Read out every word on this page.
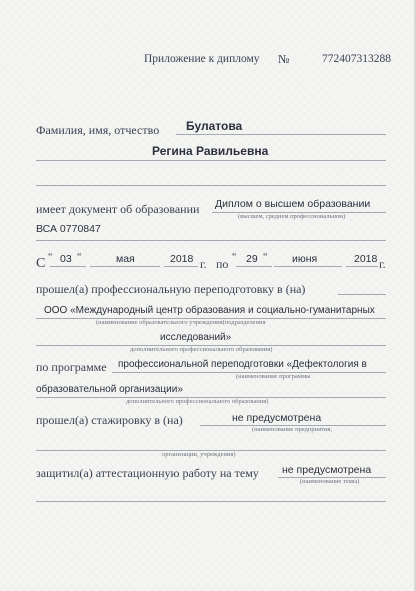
Приложение к диплому №	772407313288
Фамилия, имя, отчество Булатова
Регина Равильевна
имеет документ об образовании Диплом о высшем образовании
(высшем, среднем профессиональном)
ВСА 0770847
С “ 03 “	мая	2018 г. по “ 29 “ июня	2018 г.
прошел(а) профессиональную переподготовку в (на)
ООО «Международный центр образования и социально-гуманитарных
(наименование образовательного учреждения(подразделения
исследований»
дополнительного профессионального образования)
по программе профессиональной переподготовки «Дефектология в
(наименование программы
образовательной организации»
дополнительного профессионального образования)
прошел(а) стажировку в (на)	не предусмотрена
(наименование предприятия,
организации, учреждения)
защитил(а) аттестационную работу на тему не предусмотрена
(наименование темы)
